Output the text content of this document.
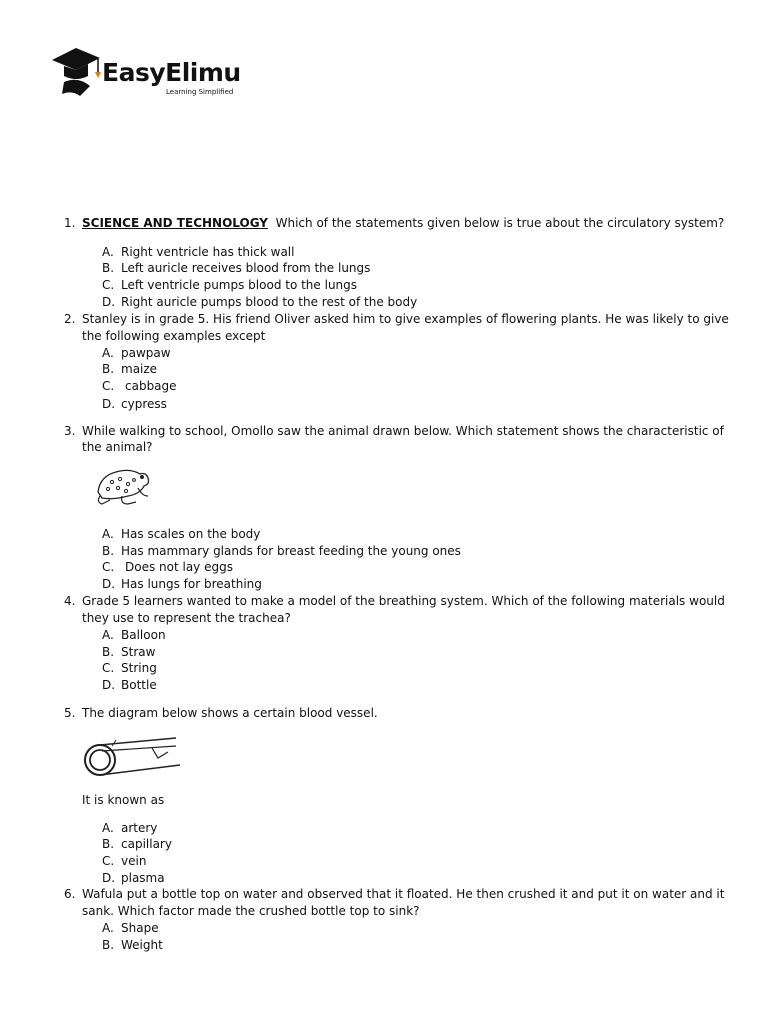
EasyElimu
Learning Simplified
1. SCIENCE AND TECHNOLOGY Which of the statements given below is true about the circulatory system?
A. Right ventricle has thick wall
B. Left auricle receives blood from the lungs
C. Left ventricle pumps blood to the lungs
D. Right auricle pumps blood to the rest of the body
2. Stanley is in grade 5. His friend Oliver asked him to give examples of flowering plants. He was likely to give
the following examples except
A. pawpaw
B. maize
C. cabbage
D. cypress
3. While walking to school, Omollo saw the animal drawn below. Which statement shows the characteristic of
the animal?
A. Has scales on the body
B. Has mammary glands for breast feeding the young ones
C. Does not lay eggs
D. Has lungs for breathing
4. Grade 5 learners wanted to make a model of the breathing system. Which of the following materials would
they use to represent the trachea?
A. Balloon
B. Straw
C. String
D. Bottle
5. The diagram below shows a certain blood vessel.
It is known as
A. artery
B. capillary
C. vein
D. plasma
6. Wafula put a bottle top on water and observed that it floated. He then crushed it and put it on water and it
sank. Which factor made the crushed bottle top to sink?
A. Shape
B. Weight
